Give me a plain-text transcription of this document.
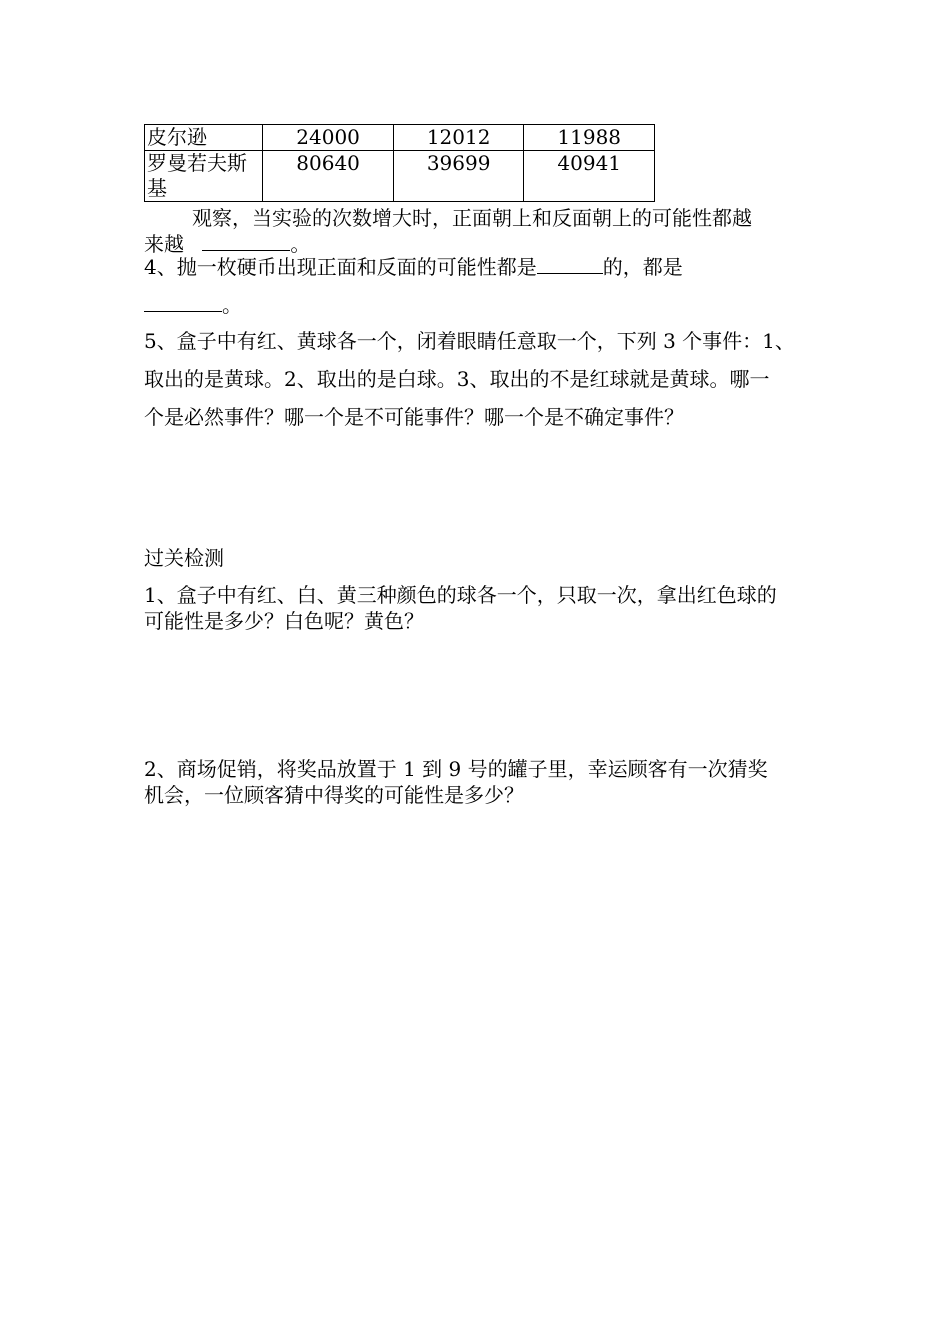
皮尔逊	24000	12012	11988
罗曼若夫斯基	80640	39699	40941

观察，当实验的次数增大时，正面朝上和反面朝上的可能性都越

来越	。

4、抛一枚硬币出现正面和反面的可能性都是	的，都是

。

5、盒子中有红、黄球各一个，闭着眼睛任意取一个，下列 3 个事件：1、

取出的是黄球。2、取出的是白球。3、取出的不是红球就是黄球。哪一

个是必然事件？哪一个是不可能事件？哪一个是不确定事件？

过关检测

1、盒子中有红、白、黄三种颜色的球各一个，只取一次，拿出红色球的

可能性是多少？白色呢？黄色？

2、商场促销，将奖品放置于 1 到 9 号的罐子里，幸运顾客有一次猜奖

机会，一位顾客猜中得奖的可能性是多少？
